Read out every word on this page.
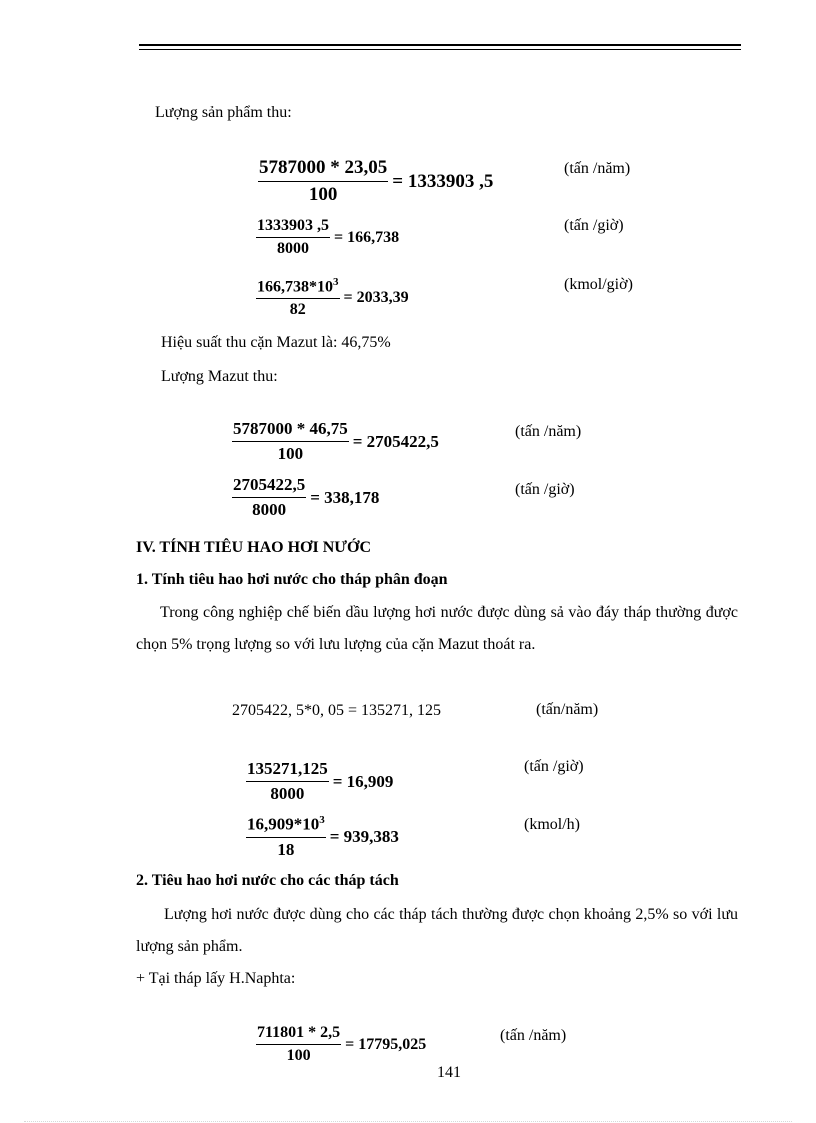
Lượng sản phẩm thu:
$\frac{5787000 * 23,05}{100} = 1333903$ ,5
(tấn /năm)
$\frac{1333903 ,5}{8000} = 166,738$
(tấn /giờ)
$\frac{166,738*10^3}{82} = 2033,39$
(kmol/giờ)
Hiệu suất thu cặn Mazut là: 46,75%
Lượng Mazut thu:
$\frac{5787000 * 46,75}{100} = 2705422,5$	(tấn /năm)
$\frac{2705422,5}{8000} = 338,178$	(tấn /giờ)
IV. TÍNH TIÊU HAO HƠI NƯỚC
1. Tính tiêu hao hơi nước cho tháp phân đoạn
Trong công nghiệp chế biến dầu lượng hơi nước được dùng sả vào đáy tháp thường được chọn 5% trọng lượng so với lưu lượng của cặn Mazut thoát ra.
2705422, 5*0, 05 = 135271, 125	(tấn/năm)
$\frac{135271,125}{8000} = 16,909$
(tấn /giờ)
$\frac{16,909*10^3}{18} = 939,383$
(kmol/h)
2. Tiêu hao hơi nước cho các tháp tách
Lượng hơi nước được dùng cho các tháp tách thường được chọn khoảng 2,5% so với lưu lượng sản phẩm.
+ Tại tháp lấy H.Naphta:
$\frac{711801 * 2,5}{100} = 17795,025$	(tấn /năm)
141
